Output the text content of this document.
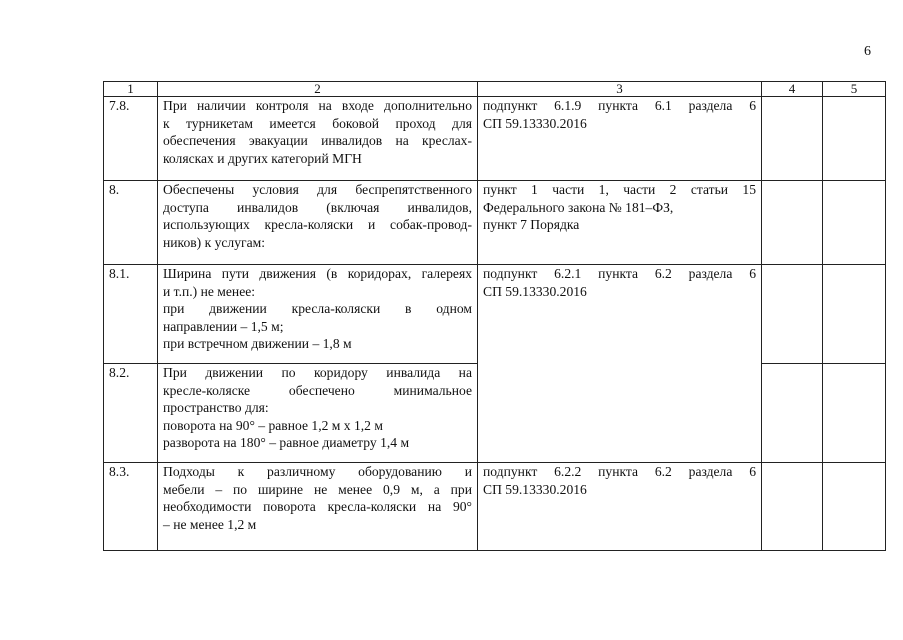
6
1	2	3	4	5
7.8.	При наличии контроля на входе дополнительно
к турникетам имеется боковой проход для
обеспечения эвакуации инвалидов на креслах-
колясках и других категорий МГН	подпункт 6.1.9 пункта 6.1 раздела 6
СП 59.13330.2016		

8.	Обеспечены условия для беспрепятственного
доступа инвалидов (включая инвалидов,
использующих кресла-коляски и собак-провод-
ников) к услугам:	пункт 1 части 1, части 2 статьи 15
Федерального закона № 181–ФЗ,
пункт 7 Порядка		

8.1.	Ширина пути движения (в коридорах, галереях
и т.п.) не менее:
при движении кресла-коляски в одном
направлении – 1,5 м;
при встречном движении – 1,8 м	подпункт 6.2.1 пункта 6.2 раздела 6
СП 59.13330.2016		

8.2.	При движении по коридору инвалида на
кресле-коляске обеспечено минимальное
пространство для:
поворота на 90° – равное 1,2 м х 1,2 м
разворота на 180° – равное диаметру 1,4 м			

8.3.	Подходы к различному оборудованию и
мебели – по ширине не менее 0,9 м, а при
необходимости поворота кресла-коляски на 90°
– не менее 1,2 м	подпункт 6.2.2 пункта 6.2 раздела 6
СП 59.13330.2016		
